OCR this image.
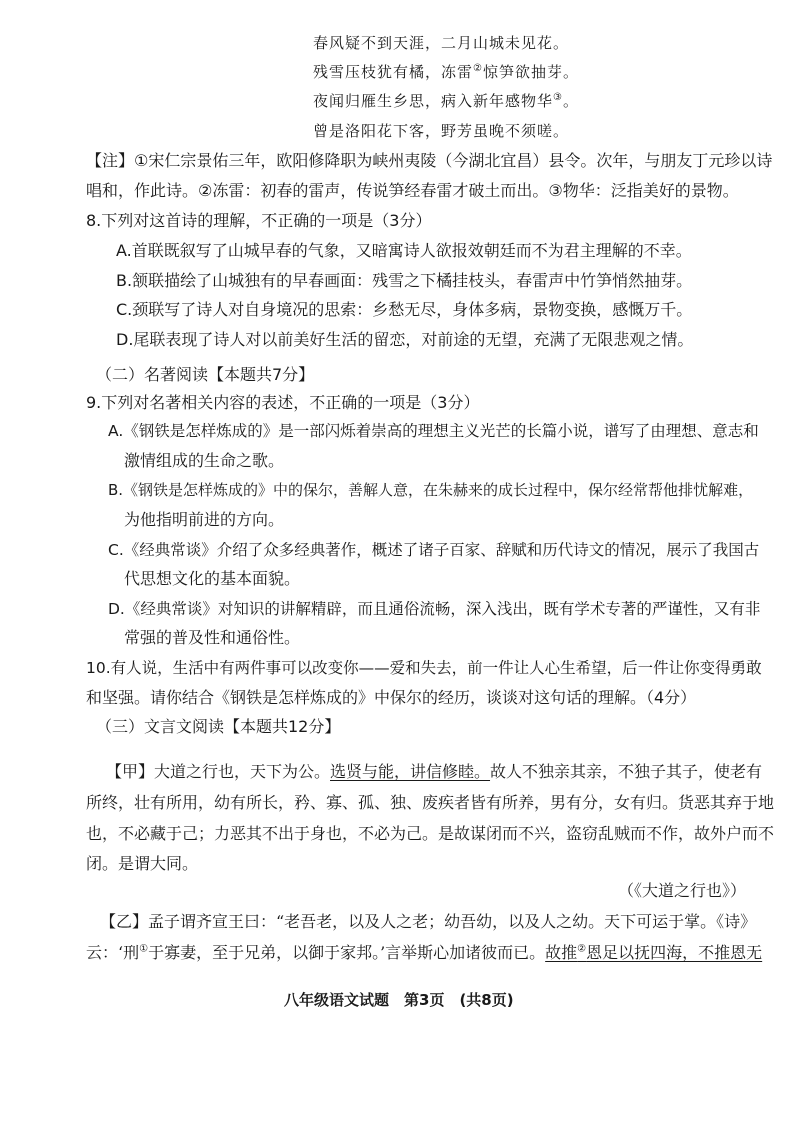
春风疑不到天涯，二月山城未见花。
残雪压枝犹有橘，冻雷②惊笋欲抽芽。
夜闻归雁生乡思，病入新年感物华③。
曾是洛阳花下客，野芳虽晚不须嗟。
【注】①宋仁宗景佑三年，欧阳修降职为峡州夷陵（今湖北宜昌）县令。次年，与朋友丁元珍以诗
唱和，作此诗。②冻雷：初春的雷声，传说笋经春雷才破土而出。③物华：泛指美好的景物。
8.下列对这首诗的理解，不正确的一项是（3分）
A.首联既叙写了山城早春的气象，又暗寓诗人欲报效朝廷而不为君主理解的不幸。
B.颔联描绘了山城独有的早春画面：残雪之下橘挂枝头，春雷声中竹笋悄然抽芽。
C.颈联写了诗人对自身境况的思索：乡愁无尽，身体多病，景物变换，感慨万千。
D.尾联表现了诗人对以前美好生活的留恋，对前途的无望，充满了无限悲观之情。
（二）名著阅读【本题共7分】
9.下列对名著相关内容的表述，不正确的一项是（3分）
A.《钢铁是怎样炼成的》是一部闪烁着崇高的理想主义光芒的长篇小说，谱写了由理想、意志和
激情组成的生命之歌。
B.《钢铁是怎样炼成的》中的保尔，善解人意，在朱赫来的成长过程中，保尔经常帮他排忧解难，
为他指明前进的方向。
C.《经典常谈》介绍了众多经典著作，概述了诸子百家、辞赋和历代诗文的情况，展示了我国古
代思想文化的基本面貌。
D.《经典常谈》对知识的讲解精辟，而且通俗流畅，深入浅出，既有学术专著的严谨性，又有非
常强的普及性和通俗性。
10.有人说，生活中有两件事可以改变你——爱和失去，前一件让人心生希望，后一件让你变得勇敢
和坚强。请你结合《钢铁是怎样炼成的》中保尔的经历，谈谈对这句话的理解。（4分）
（三）文言文阅读【本题共12分】
【甲】大道之行也，天下为公。选贤与能，讲信修睦。故人不独亲其亲，不独子其子，使老有
所终，壮有所用，幼有所长，矜、寡、孤、独、废疾者皆有所养，男有分，女有归。货恶其弃于地
也，不必藏于己；力恶其不出于身也，不必为己。是故谋闭而不兴，盗窃乱贼而不作，故外户而不
闭。是谓大同。
（《大道之行也》）
【乙】孟子谓齐宣王曰：“老吾老，以及人之老；幼吾幼，以及人之幼。天下可运于掌。《诗》
云：‘刑①于寡妻，至于兄弟，以御于家邦。’言举斯心加诸彼而已。故推②恩足以抚四海，不推恩无
八年级语文试题　第3页　(共8页)
